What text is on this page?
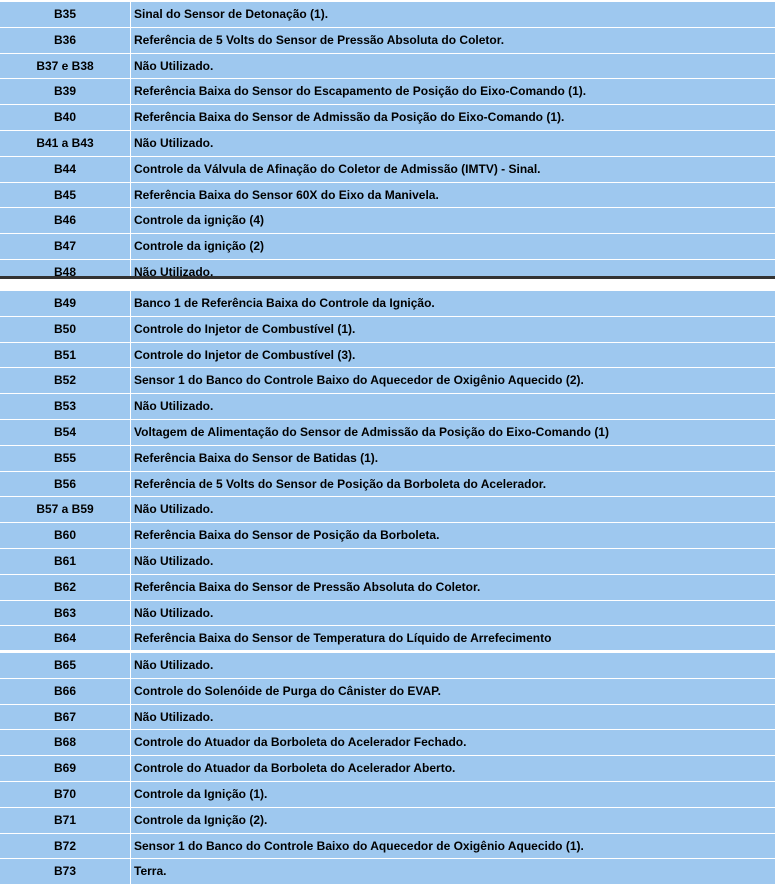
B35	Sinal do Sensor de Detonação (1).
B36	Referência de 5 Volts do Sensor de Pressão Absoluta do Coletor.
B37 e B38	Não Utilizado.
B39	Referência Baixa do Sensor do Escapamento de Posição do Eixo-Comando (1).
B40	Referência Baixa do Sensor de Admissão da Posição do Eixo-Comando (1).
B41 a B43	Não Utilizado.
B44	Controle da Válvula de Afinação do Coletor de Admissão (IMTV) - Sinal.
B45	Referência Baixa do Sensor 60X do Eixo da Manivela.
B46	Controle da ignição (4)
B47	Controle da ignição (2)
B48	Não Utilizado.
B49	Banco 1 de Referência Baixa do Controle da Ignição.
B50	Controle do Injetor de Combustível (1).
B51	Controle do Injetor de Combustível (3).
B52	Sensor 1 do Banco do Controle Baixo do Aquecedor de Oxigênio Aquecido (2).
B53	Não Utilizado.
B54	Voltagem de Alimentação do Sensor de Admissão da Posição do Eixo-Comando (1)
B55	Referência Baixa do Sensor de Batidas (1).
B56	Referência de 5 Volts do Sensor de Posição da Borboleta do Acelerador.
B57 a B59	Não Utilizado.
B60	Referência Baixa do Sensor de Posição da Borboleta.
B61	Não Utilizado.
B62	Referência Baixa do Sensor de Pressão Absoluta do Coletor.
B63	Não Utilizado.
B64	Referência Baixa do Sensor de Temperatura do Líquido de Arrefecimento
B65	Não Utilizado.
B66	Controle do Solenóide de Purga do Cânister do EVAP.
B67	Não Utilizado.
B68	Controle do Atuador da Borboleta do Acelerador Fechado.
B69	Controle do Atuador da Borboleta do Acelerador Aberto.
B70	Controle da Ignição (1).
B71	Controle da Ignição (2).
B72	Sensor 1 do Banco do Controle Baixo do Aquecedor de Oxigênio Aquecido (1).
B73	Terra.
